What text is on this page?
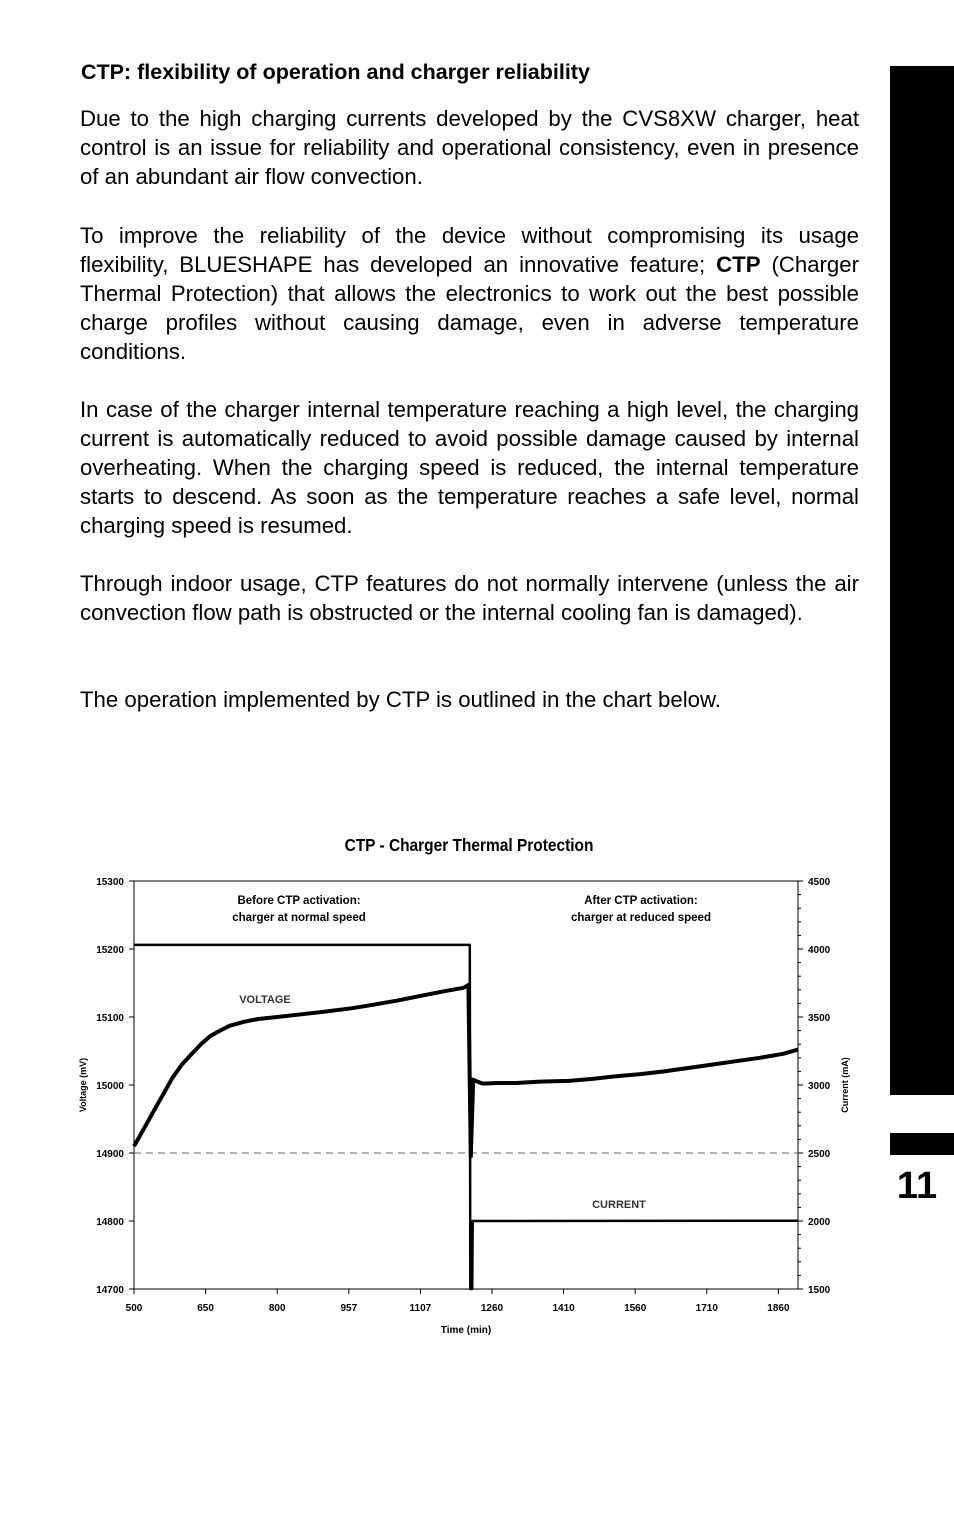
CTP: flexibility of operation and charger reliability

Due to the high charging currents developed by the CVS8XW charger, heat control is an issue for reliability and operational consistency, even in presence of an abundant air flow convection.

To improve the reliability of the device without compromising its usage flexibility, BLUESHAPE has developed an innovative feature; CTP (Charger Thermal Protection) that allows the electronics to work out the best possible charge profiles without causing damage, even in adverse temperature conditions.

In case of the charger internal temperature reaching a high level, the charging current is automatically reduced to avoid possible damage caused by internal overheating. When the charging speed is reduced, the internal temperature starts to descend. As soon as the temperature reaches a safe level, normal charging speed is resumed.

Through indoor usage, CTP features do not normally intervene (unless the air convection flow path is obstructed or the internal cooling fan is damaged).

The operation implemented by CTP is outlined in the chart below.

11
CTP - Charger Thermal Protection
500	650	800	957	1107	1260	1410	1560	1710	1860
15300
15200
15100
15000
14900
14800
14700
4500
4000
3500
3000
2500
2000
1500
Time (min)
Voltage (mV)	Current (mA)
Before CTP activation:
charger at normal speed
After CTP activation:
charger at reduced speed
VOLTAGE
CURRENT
